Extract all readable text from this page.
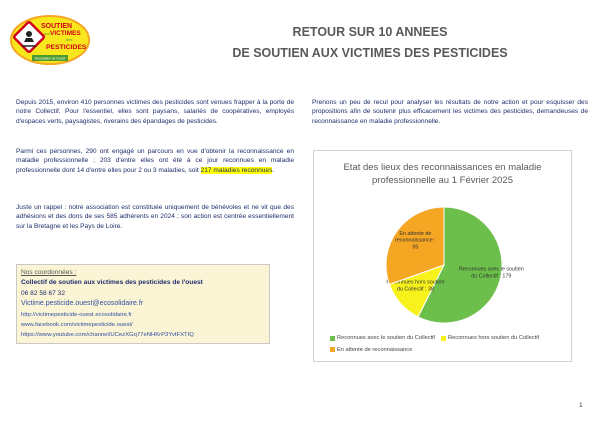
SOUTIEN
aux VICTIMES
des
PESTICIDES
Association de l'ouest
RETOUR SUR 10 ANNEES
DE SOUTIEN AUX VICTIMES DES PESTICIDES

Depuis 2015, environ 410 personnes victimes des pesticides sont venues frapper à la porte de notre Collectif. Pour l'essentiel, elles sont paysans, salariés de coopératives, employés d'espaces verts, paysagistes, riverains des épandages de pesticides.

Parmi ces personnes, 290 ont engagé un parcours en vue d'obtenir la reconnaissance en maladie professionnelle ; 203 d'entre elles ont été à ce jour reconnues en maladie professionnelle dont 14 d'entre elles pour 2 ou 3 maladies, soit 217 maladies reconnues.

Juste un rappel : notre association est constituée uniquement de bénévoles et ne vit que des adhésions et des dons de ses 585 adhérents en 2024 ; son action est centrée essentiellement sur la Bretagne et les Pays de Loire.

Prenons un peu de recul pour analyser les résultats de notre action et pour esquisser des propositions afin de soutenir plus efficacement les victimes des pesticides, demandeuses de reconnaissance en maladie professionnelle.

Nos coordonnées :
Collectif de soutien aux victimes des pesticides de l'ouest
06 82 58 67 32
Victime.pesticide.ouest@ecosolidaire.fr
http://victimepesticide-ouest.ecosolidaire.fr
www.facebook.com/victimepesticide.ouest/
https://www.youtube.com/channel/UCezXGq77eNHKrP3YvtFXTIQ
Etat des lieux des reconnaissances en maladie
professionnelle au 1 Février 2025
Reconnues avec le soutien du Collectif : 179
Reconnues hors soutien du Collectif : 38
En attente de reconnaissance : 95
Reconnues avec le soutien du Collectif Reconnues hors soutien du Collectif
En attente de reconnaissance
1
